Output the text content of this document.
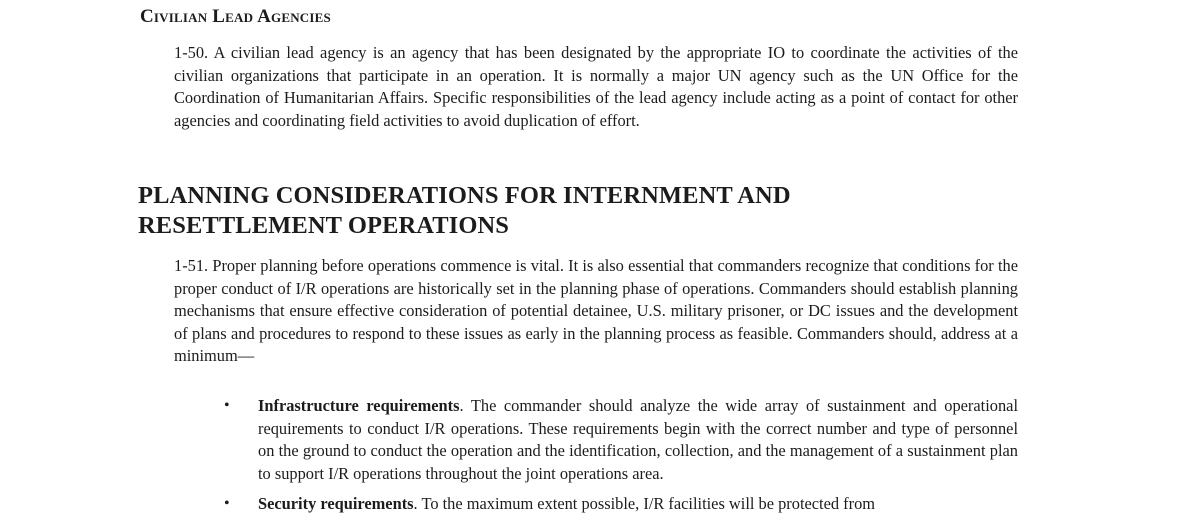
Civilian Lead Agencies

1-50. A civilian lead agency is an agency that has been designated by the appropriate IO to coordinate the activities of the civilian organizations that participate in an operation. It is normally a major UN agency such as the UN Office for the Coordination of Humanitarian Affairs. Specific responsibilities of the lead agency include acting as a point of contact for other agencies and coordinating field activities to avoid duplication of effort.

PLANNING CONSIDERATIONS FOR INTERNMENT AND RESETTLEMENT OPERATIONS

1-51. Proper planning before operations commence is vital. It is also essential that commanders recognize that conditions for the proper conduct of I/R operations are historically set in the planning phase of operations. Commanders should establish planning mechanisms that ensure effective consideration of potential detainee, U.S. military prisoner, or DC issues and the development of plans and procedures to respond to these issues as early in the planning process as feasible. Commanders should, address at a minimum—

• Infrastructure requirements. The commander should analyze the wide array of sustainment and operational requirements to conduct I/R operations. These requirements begin with the correct number and type of personnel on the ground to conduct the operation and the identification, collection, and the management of a sustainment plan to support I/R operations throughout the joint operations area.
• Security requirements. To the maximum extent possible, I/R facilities will be protected from
